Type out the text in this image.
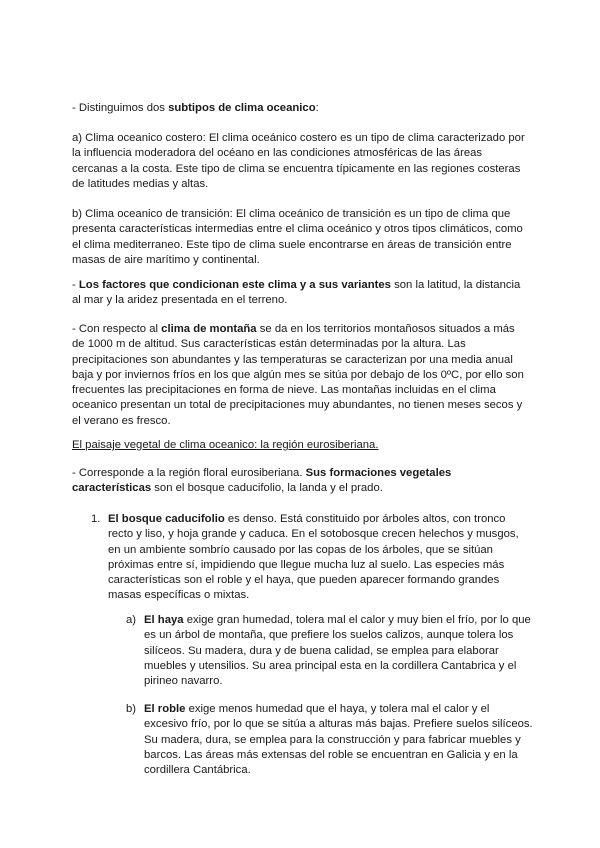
- Distinguimos dos subtipos de clima oceanico:

a) Clima oceanico costero: El clima oceánico costero es un tipo de clima caracterizado por la influencia moderadora del océano en las condiciones atmosféricas de las áreas cercanas a la costa. Este tipo de clima se encuentra típicamente en las regiones costeras de latitudes medias y altas.

b) Clima oceanico de transición: El clima oceánico de transición es un tipo de clima que presenta características intermedias entre el clima oceánico y otros tipos climáticos, como el clima mediterraneo. Este tipo de clima suele encontrarse en áreas de transición entre masas de aire marítimo y continental.

- Los factores que condicionan este clima y a sus variantes son la latitud, la distancia al mar y la aridez presentada en el terreno.

- Con respecto al clima de montaña se da en los territorios montañosos situados a más de 1000 m de altitud. Sus características están determinadas por la altura. Las precipitaciones son abundantes y las temperaturas se caracterizan por una media anual baja y por inviernos fríos en los que algún mes se sitúa por debajo de los 0ºC, por ello son frecuentes las precipitaciones en forma de nieve. Las montañas incluidas en el clima oceanico presentan un total de precipitaciones muy abundantes, no tienen meses secos y el verano es fresco.

El paisaje vegetal de clima oceanico: la región eurosiberiana.

- Corresponde a la región floral eurosiberiana. Sus formaciones vegetales características son el bosque caducifolio, la landa y el prado.

1. El bosque caducifolio es denso. Está constituido por árboles altos, con tronco recto y liso, y hoja grande y caduca. En el sotobosque crecen helechos y musgos, en un ambiente sombrío causado por las copas de los árboles, que se sitúan próximas entre sí, impidiendo que llegue mucha luz al suelo. Las especies más características son el roble y el haya, que pueden aparecer formando grandes masas específicas o mixtas.

a) El haya exige gran humedad, tolera mal el calor y muy bien el frío, por lo que es un árbol de montaña, que prefiere los suelos calizos, aunque tolera los silíceos. Su madera, dura y de buena calidad, se emplea para elaborar muebles y utensilios. Su area principal esta en la cordillera Cantabrica y el pirineo navarro.

b) El roble exige menos humedad que el haya, y tolera mal el calor y el excesivo frío, por lo que se sitúa a alturas más bajas. Prefiere suelos silíceos. Su madera, dura, se emplea para la construcción y para fabricar muebles y barcos. Las áreas más extensas del roble se encuentran en Galicia y en la cordillera Cantábrica.
